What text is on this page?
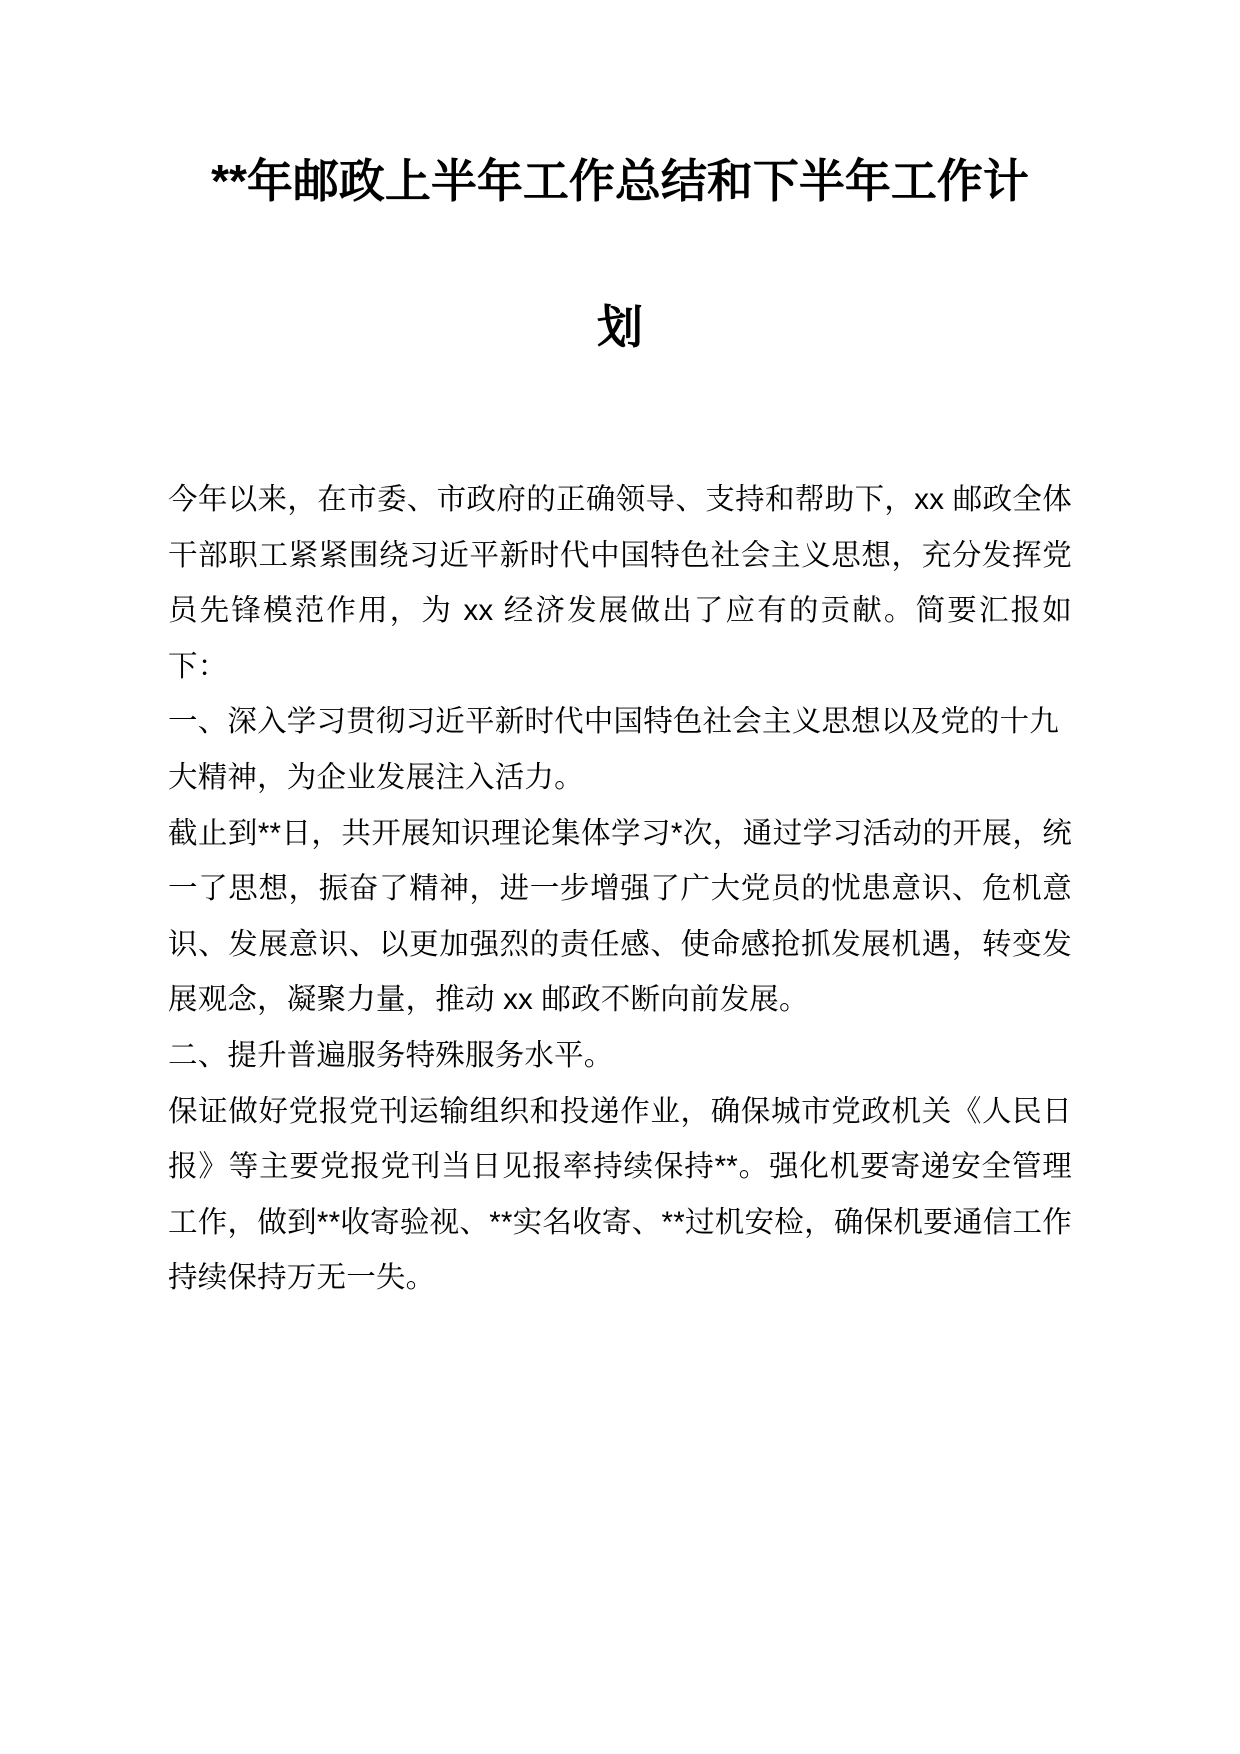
**年邮政上半年工作总结和下半年工作计
划

今年以来，在市委、市政府的正确领导、支持和帮助下，xx 邮政全体干部职工紧紧围绕习近平新时代中国特色社会主义思想，充分发挥党员先锋模范作用，为 xx 经济发展做出了应有的贡献。简要汇报如下：

一、深入学习贯彻习近平新时代中国特色社会主义思想以及党的十九大精神，为企业发展注入活力。

截止到**日，共开展知识理论集体学习*次，通过学习活动的开展，统一了思想，振奋了精神，进一步增强了广大党员的忧患意识、危机意识、发展意识、以更加强烈的责任感、使命感抢抓发展机遇，转变发展观念，凝聚力量，推动 xx 邮政不断向前发展。

二、提升普遍服务特殊服务水平。

保证做好党报党刊运输组织和投递作业，确保城市党政机关《人民日报》等主要党报党刊当日见报率持续保持**。强化机要寄递安全管理工作，做到**收寄验视、**实名收寄、**过机安检，确保机要通信工作持续保持万无一失。
